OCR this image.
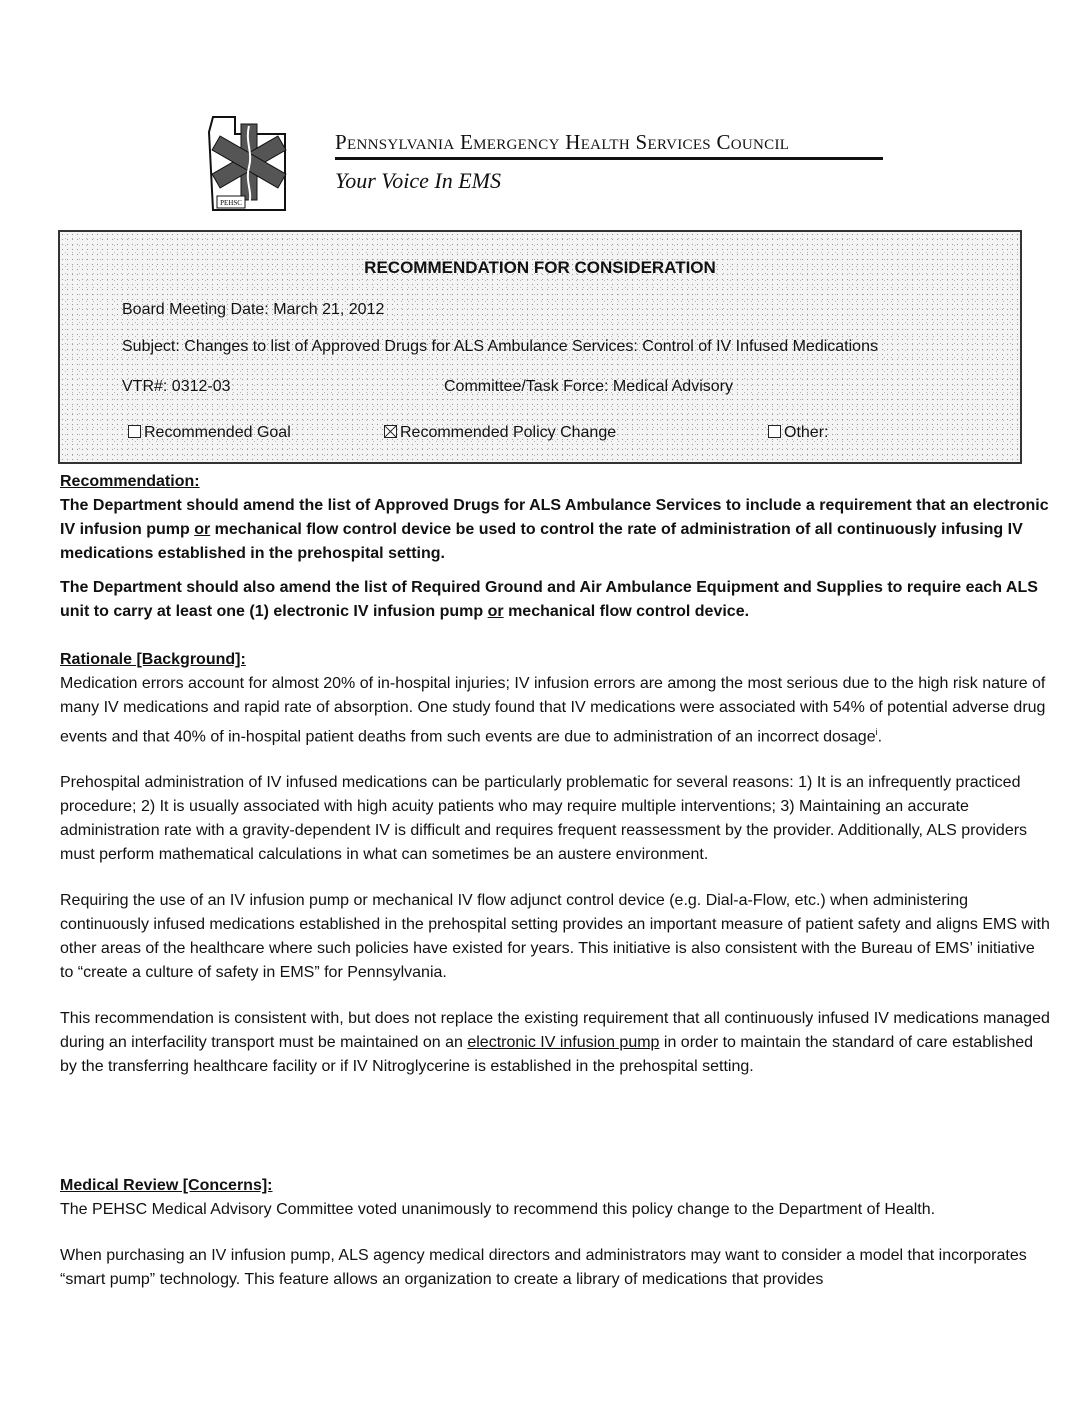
PEHSC
Pennsylvania Emergency Health Services Council
Your Voice In EMS
RECOMMENDATION FOR CONSIDERATION
Board Meeting Date: March 21, 2012
Subject: Changes to list of Approved Drugs for ALS Ambulance Services: Control of IV Infused Medications
VTR#: 0312-03	Committee/Task Force: Medical Advisory
Recommended Goal	Recommended Policy Change	Other:
Recommendation:

The Department should amend the list of Approved Drugs for ALS Ambulance Services to include a requirement that an electronic IV infusion pump or mechanical flow control device be used to control the rate of administration of all continuously infusing IV medications established in the prehospital setting.

The Department should also amend the list of Required Ground and Air Ambulance Equipment and Supplies to require each ALS unit to carry at least one (1) electronic IV infusion pump or mechanical flow control device.

Rationale [Background]:

Medication errors account for almost 20% of in-hospital injuries; IV infusion errors are among the most serious due to the high risk nature of many IV medications and rapid rate of absorption. One study found that IV medications were associated with 54% of potential adverse drug events and that 40% of in-hospital patient deaths from such events are due to administration of an incorrect dosage$^i$.

Prehospital administration of IV infused medications can be particularly problematic for several reasons: 1) It is an infrequently practiced procedure; 2) It is usually associated with high acuity patients who may require multiple interventions; 3) Maintaining an accurate administration rate with a gravity-dependent IV is difficult and requires frequent reassessment by the provider. Additionally, ALS providers must perform mathematical calculations in what can sometimes be an austere environment.

Requiring the use of an IV infusion pump or mechanical IV flow adjunct control device (e.g. Dial-a-Flow, etc.) when administering continuously infused medications established in the prehospital setting provides an important measure of patient safety and aligns EMS with other areas of the healthcare where such policies have existed for years. This initiative is also consistent with the Bureau of EMS’ initiative to “create a culture of safety in EMS” for Pennsylvania.

This recommendation is consistent with, but does not replace the existing requirement that all continuously infused IV medications managed during an interfacility transport must be maintained on an electronic IV infusion pump in order to maintain the standard of care established by the transferring healthcare facility or if IV Nitroglycerine is established in the prehospital setting.

Medical Review [Concerns]:

The PEHSC Medical Advisory Committee voted unanimously to recommend this policy change to the Department of Health.

When purchasing an IV infusion pump, ALS agency medical directors and administrators may want to consider a model that incorporates “smart pump” technology. This feature allows an organization to create a library of medications that provides
